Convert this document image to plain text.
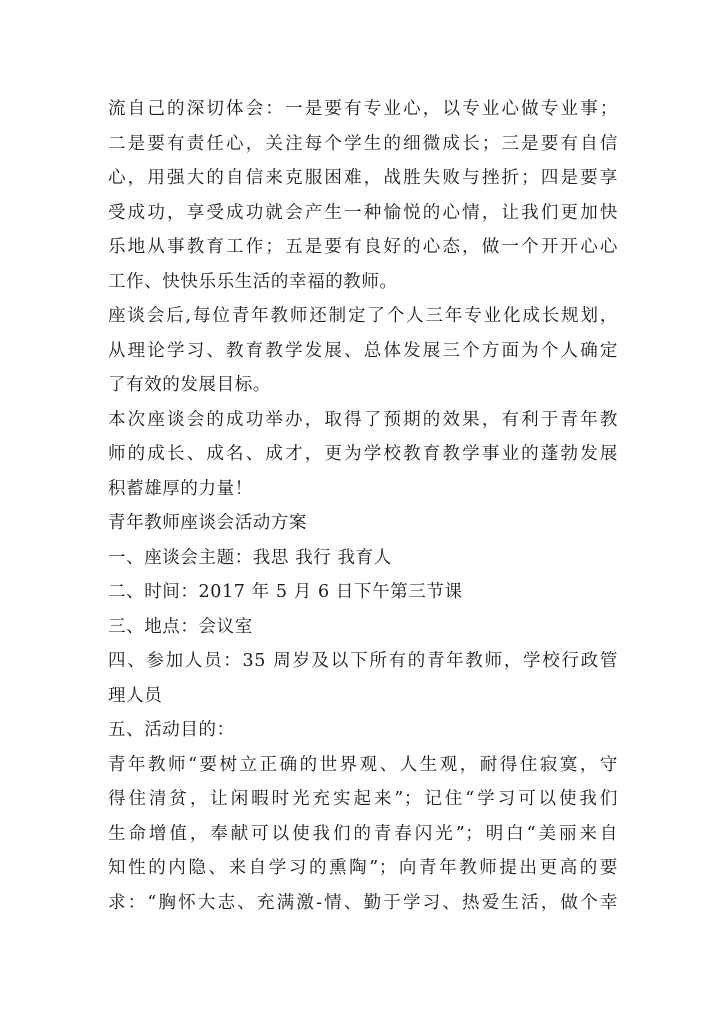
流自己的深切体会：一是要有专业心，以专业心做专业事；
二是要有责任心，关注每个学生的细微成长；三是要有自信
心，用强大的自信来克服困难，战胜失败与挫折；四是要享
受成功，享受成功就会产生一种愉悦的心情，让我们更加快
乐地从事教育工作；五是要有良好的心态，做一个开开心心
工作、快快乐乐生活的幸福的教师。
座谈会后,每位青年教师还制定了个人三年专业化成长规划，
从理论学习、教育教学发展、总体发展三个方面为个人确定
了有效的发展目标。
本次座谈会的成功举办，取得了预期的效果，有利于青年教
师的成长、成名、成才，更为学校教育教学事业的蓬勃发展
积蓄雄厚的力量！
青年教师座谈会活动方案
一、座谈会主题：我思 我行 我育人
二、时间：2017 年 5 月 6 日下午第三节课
三、地点：会议室
四、参加人员：35 周岁及以下所有的青年教师，学校行政管
理人员
五、活动目的：
青年教师“要树立正确的世界观、人生观，耐得住寂寞，守
得住清贫，让闲暇时光充实起来”；记住“学习可以使我们
生命增值，奉献可以使我们的青春闪光”；明白“美丽来自
知性的内隐、来自学习的熏陶”；向青年教师提出更高的要
求：“胸怀大志、充满激-情、勤于学习、热爱生活，做个幸
